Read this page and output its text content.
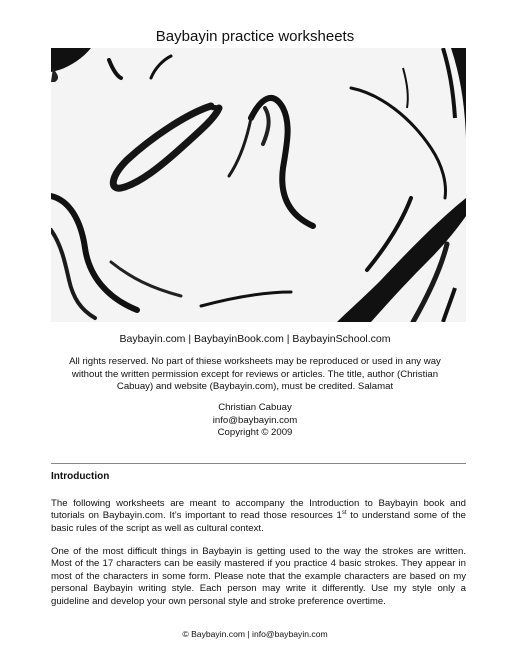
Baybayin practice worksheets
Baybayin.com | BaybayinBook.com | BaybayinSchool.com
All rights reserved. No part of thiese worksheets may be reproduced or used in any way without the written permission except for reviews or articles. The title, author (Christian Cabuay) and website (Baybayin.com), must be credited. Salamat
Christian Cabuay
info@baybayin.com
Copyright © 2009
Introduction
The following worksheets are meant to accompany the Introduction to Baybayin book and tutorials on Baybayin.com. It’s important to read those resources 1st to understand some of the basic rules of the script as well as cultural context.
One of the most difficult things in Baybayin is getting used to the way the strokes are written. Most of the 17 characters can be easily mastered if you practice 4 basic strokes. They appear in most of the characters in some form. Please note that the example characters are based on my personal Baybayin writing style. Each person may write it differently. Use my style only a guideline and develop your own personal style and stroke preference overtime.
© Baybayin.com | info@baybayin.com
